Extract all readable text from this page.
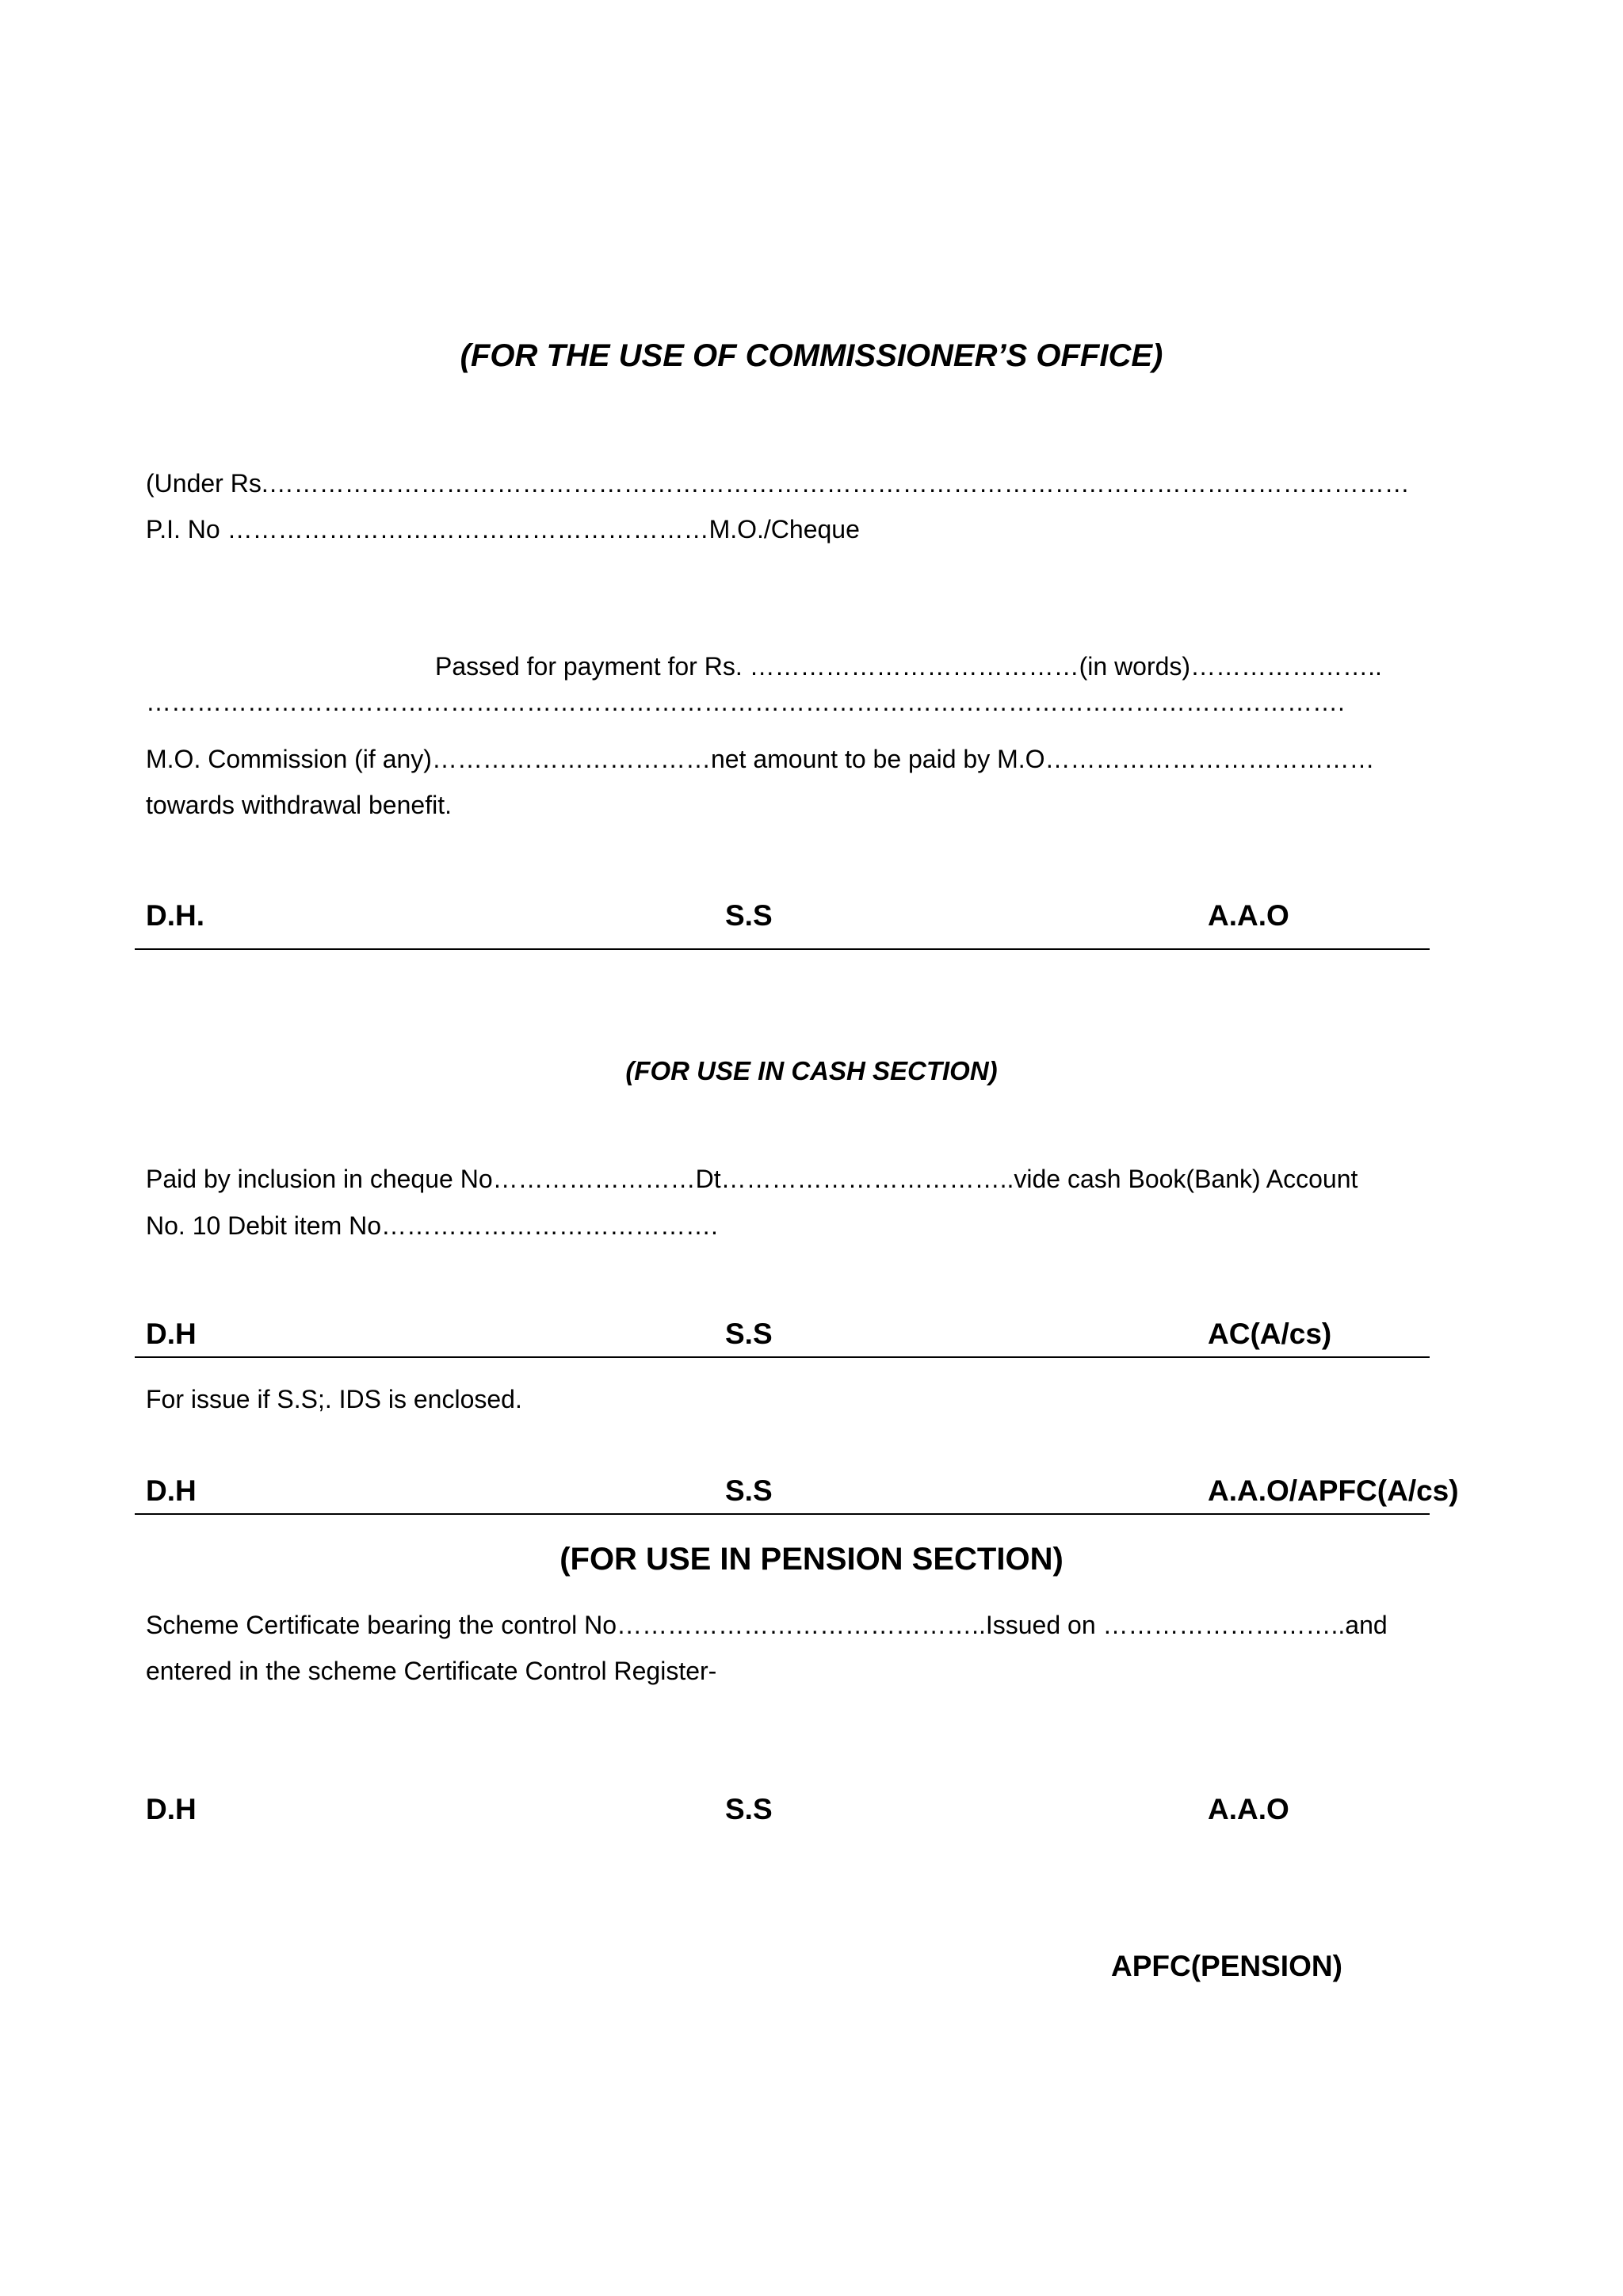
(FOR THE USE OF COMMISSIONER’S OFFICE)
(Under Rs.………………………………………………………………………………………………………………………
P.I. No …………………………………………………M.O./Cheque
Passed for payment for Rs. …………………………………(in words)…………………..
…………………………………………………………………………………………………………………………….
M.O. Commission (if any)……………………………net amount to be paid by M.O…………………………………
towards withdrawal benefit.
D.H.	S.S	A.A.O
(FOR USE IN CASH SECTION)
Paid by inclusion in cheque No……………………Dt……………………………..vide cash Book(Bank) Account
No. 10 Debit item No………………………………….
D.H	S.S	AC(A/cs)
For issue if S.S;. IDS is enclosed.
D.H	S.S	A.A.O/APFC(A/cs)
(FOR USE IN PENSION SECTION)
Scheme Certificate bearing the control No……………………………………..Issued on ………………………..and
entered in the scheme Certificate Control Register-
D.H	S.S	A.A.O
APFC(PENSION)
